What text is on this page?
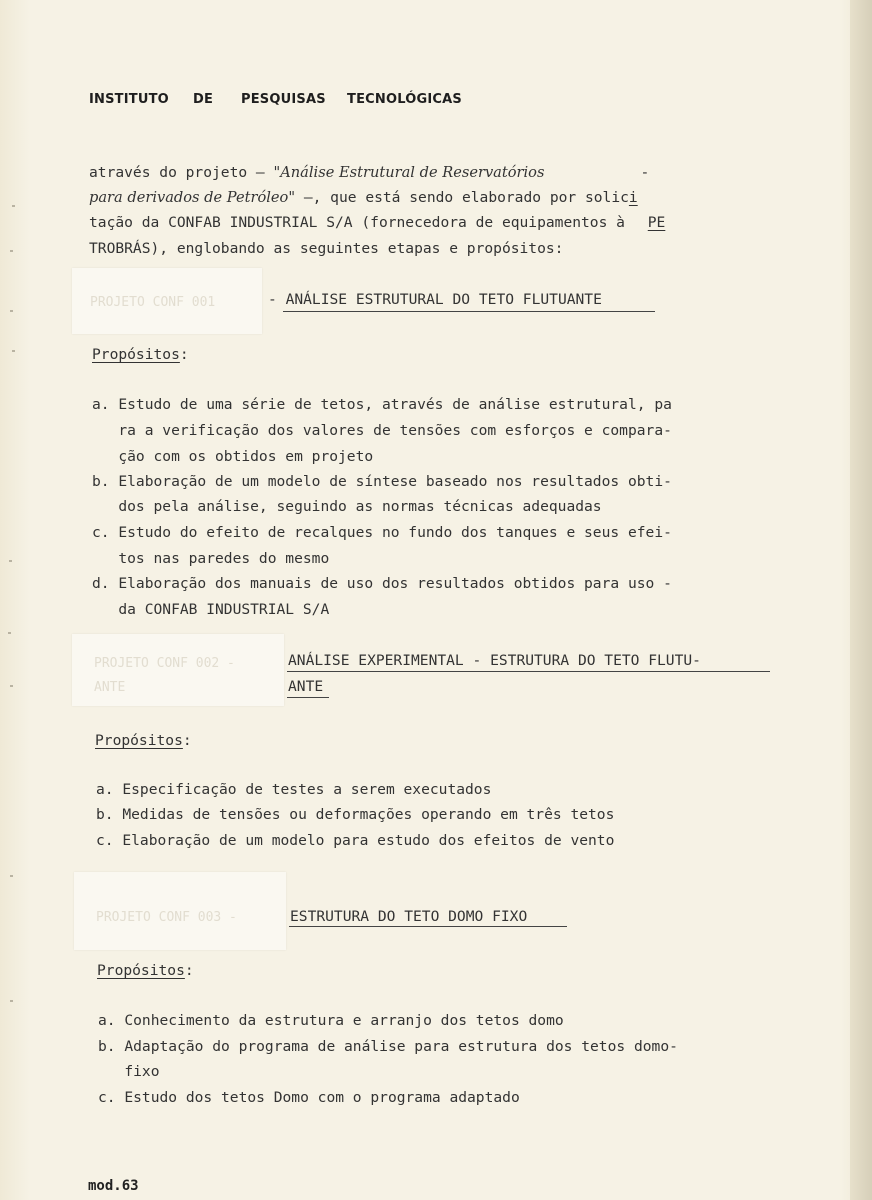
INSTITUTO DE PESQUISAS TECNOLÓGICAS
através do projeto — "Análise Estrutural de Reservatórios	-
para derivados de Petróleo" —, que está sendo elaborado por solici
tação da CONFAB INDUSTRIAL S/A (fornecedora de equipamentos à PE
TROBRÁS), englobando as seguintes etapas e propósitos:
PROJETO CONF 001	- ANÁLISE ESTRUTURAL DO TETO FLUTUANTE
Propósitos:
a. Estudo de uma série de tetos, através de análise estrutural, pa
ra a verificação dos valores de tensões com esforços e compara-
ção com os obtidos em projeto
b. Elaboração de um modelo de síntese baseado nos resultados obti-
dos pela análise, seguindo as normas técnicas adequadas
c. Estudo do efeito de recalques no fundo dos tanques e seus efei-
tos nas paredes do mesmo
d. Elaboração dos manuais de uso dos resultados obtidos para uso -
da CONFAB INDUSTRIAL S/A
PROJETO CONF 002 -
ANTE
ANÁLISE EXPERIMENTAL - ESTRUTURA DO TETO FLUTU-
ANTE
Propósitos:
a. Especificação de testes a serem executados
b. Medidas de tensões ou deformações operando em três tetos
c. Elaboração de um modelo para estudo dos efeitos de vento
PROJETO CONF 003 -	ESTRUTURA DO TETO DOMO FIXO
Propósitos:
a. Conhecimento da estrutura e arranjo dos tetos domo
b. Adaptação do programa de análise para estrutura dos tetos domo-
fixo
c. Estudo dos tetos Domo com o programa adaptado
mod.63
